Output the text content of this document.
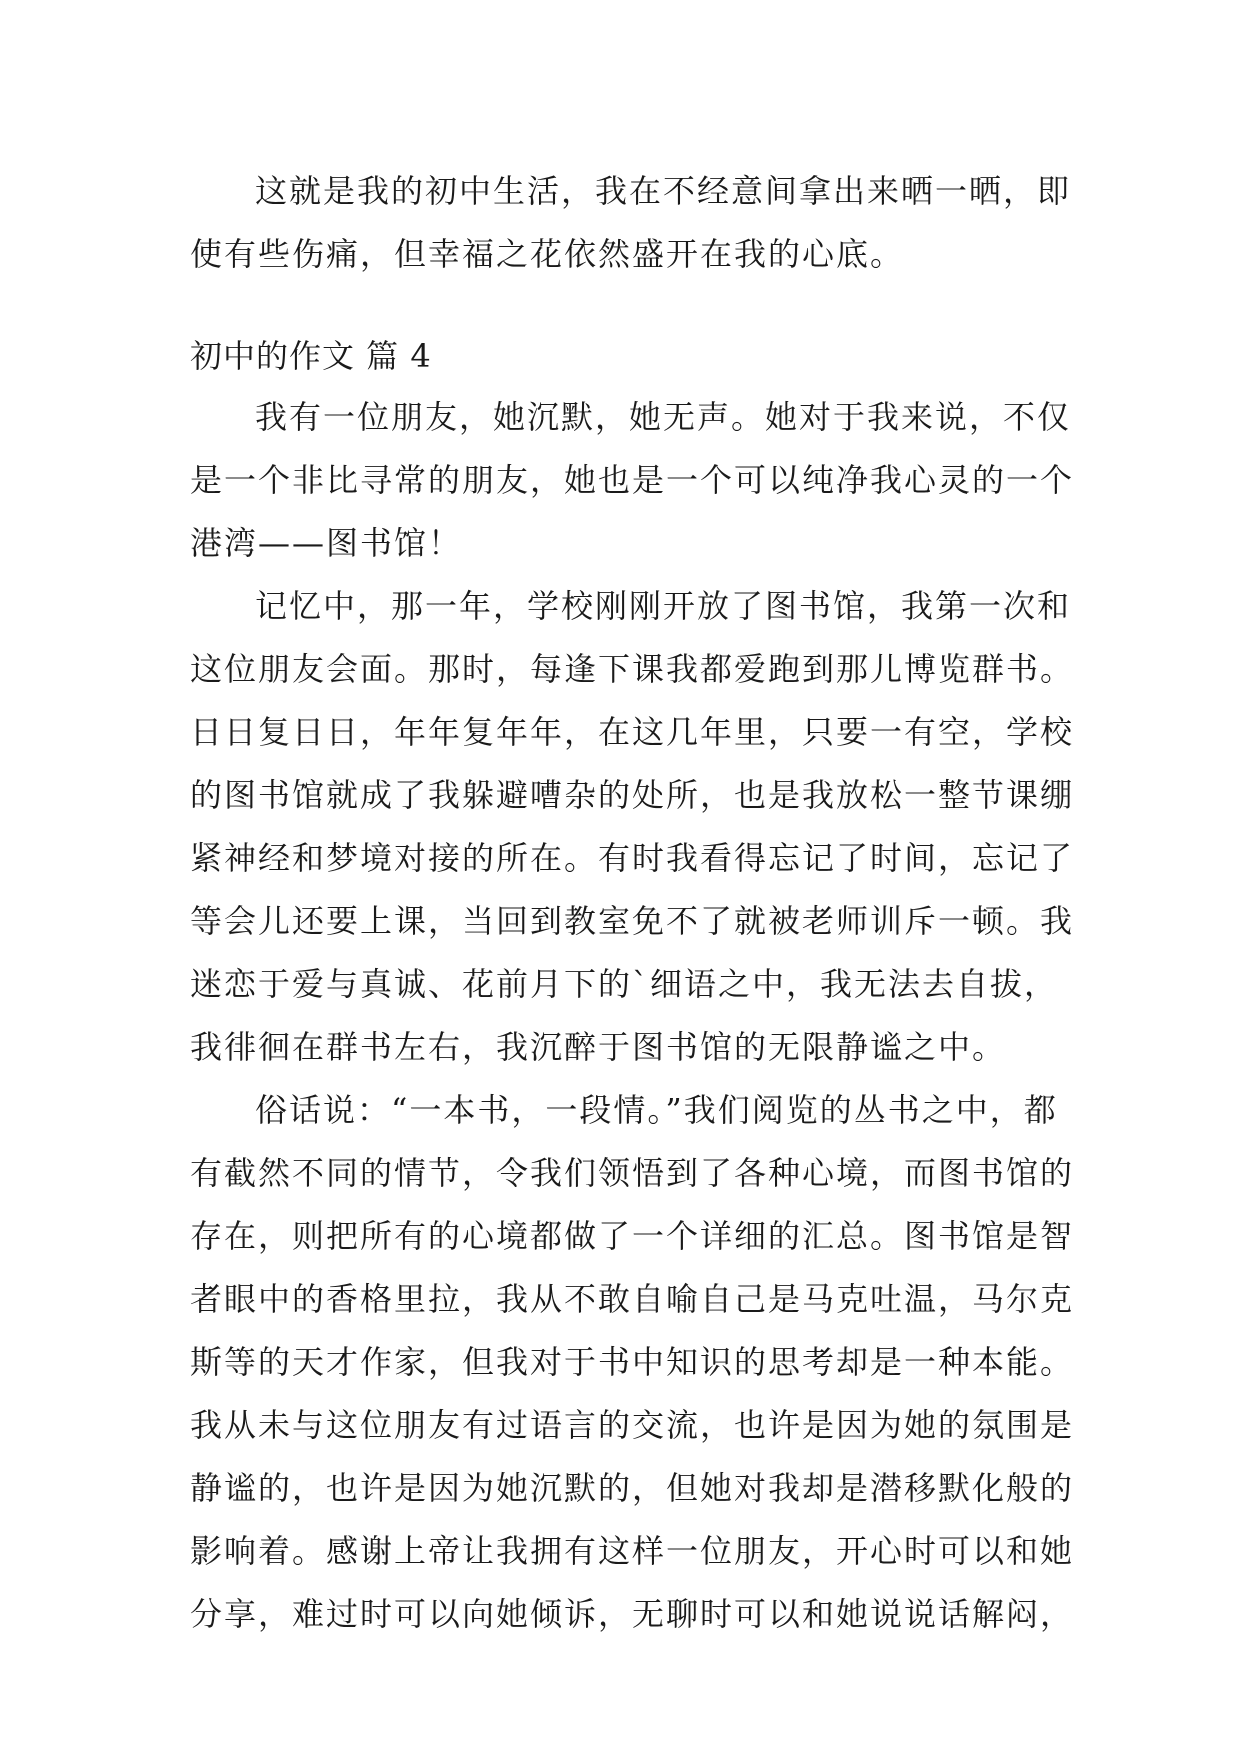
这就是我的初中生活，我在不经意间拿出来晒一晒，即
使有些伤痛，但幸福之花依然盛开在我的心底。
初中的作文 篇 4
我有一位朋友，她沉默，她无声。她对于我来说，不仅
是一个非比寻常的朋友，她也是一个可以纯净我心灵的一个
港湾——图书馆！
记忆中，那一年，学校刚刚开放了图书馆，我第一次和
这位朋友会面。那时，每逢下课我都爱跑到那儿博览群书。
日日复日日，年年复年年，在这几年里，只要一有空，学校
的图书馆就成了我躲避嘈杂的处所，也是我放松一整节课绷
紧神经和梦境对接的所在。有时我看得忘记了时间，忘记了
等会儿还要上课，当回到教室免不了就被老师训斥一顿。我
迷恋于爱与真诚、花前月下的`细语之中，我无法去自拔，
我徘徊在群书左右，我沉醉于图书馆的无限静谧之中。
俗话说：“一本书，一段情。”我们阅览的丛书之中，都
有截然不同的情节，令我们领悟到了各种心境，而图书馆的
存在，则把所有的心境都做了一个详细的汇总。图书馆是智
者眼中的香格里拉，我从不敢自喻自己是马克吐温，马尔克
斯等的天才作家，但我对于书中知识的思考却是一种本能。
我从未与这位朋友有过语言的交流，也许是因为她的氛围是
静谧的，也许是因为她沉默的，但她对我却是潜移默化般的
影响着。感谢上帝让我拥有这样一位朋友，开心时可以和她
分享，难过时可以向她倾诉，无聊时可以和她说说话解闷，
